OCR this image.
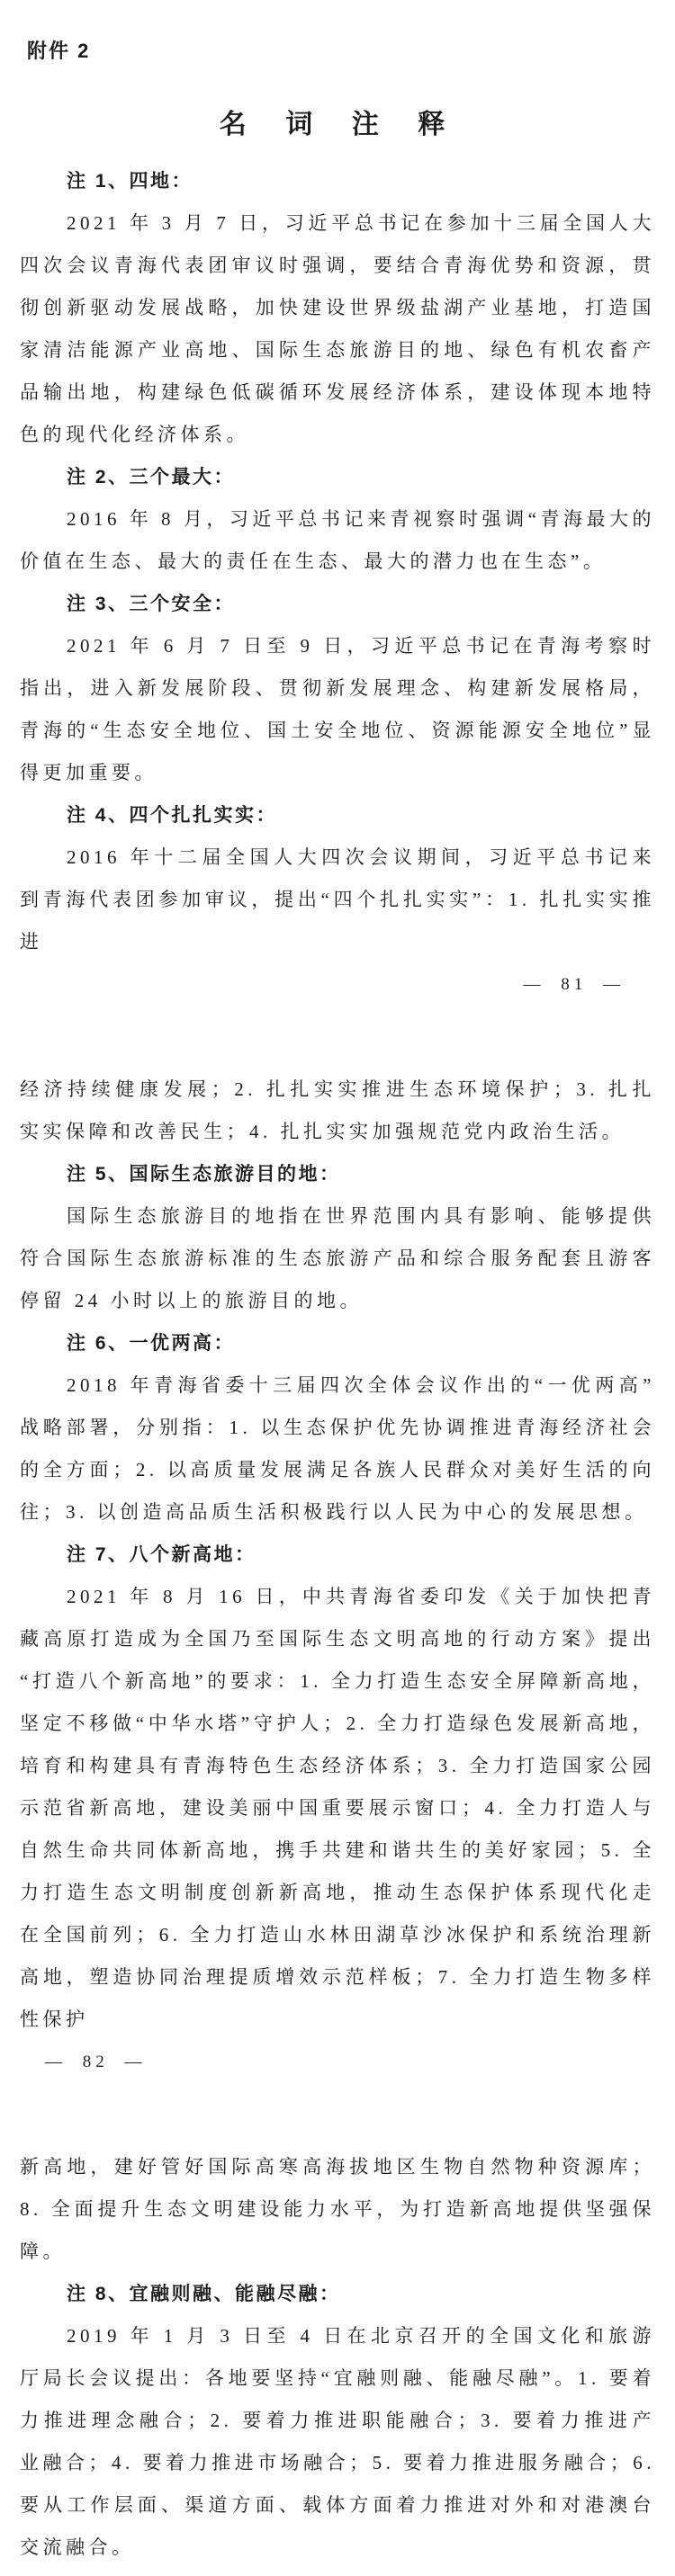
附件 2
名 词 注 释
注 1、四地：

2021 年 3 月 7 日，习近平总书记在参加十三届全国人大四次会议青海代表团审议时强调，要结合青海优势和资源，贯彻创新驱动发展战略，加快建设世界级盐湖产业基地，打造国家清洁能源产业高地、国际生态旅游目的地、绿色有机农畜产品输出地，构建绿色低碳循环发展经济体系，建设体现本地特色的现代化经济体系。

注 2、三个最大：

2016 年 8 月，习近平总书记来青视察时强调“青海最大的价值在生态、最大的责任在生态、最大的潜力也在生态”。

注 3、三个安全：

2021 年 6 月 7 日至 9 日，习近平总书记在青海考察时指出，进入新发展阶段、贯彻新发展理念、构建新发展格局，青海的“生态安全地位、国土安全地位、资源能源安全地位”显得更加重要。

注 4、四个扎扎实实：

2016 年十二届全国人大四次会议期间，习近平总书记来到青海代表团参加审议，提出“四个扎扎实实”：1. 扎扎实实推进

— 81 —

经济持续健康发展；2. 扎扎实实推进生态环境保护；3. 扎扎实实保障和改善民生；4. 扎扎实实加强规范党内政治生活。

注 5、国际生态旅游目的地：

国际生态旅游目的地指在世界范围内具有影响、能够提供符合国际生态旅游标准的生态旅游产品和综合服务配套且游客停留 24 小时以上的旅游目的地。

注 6、一优两高：

2018 年青海省委十三届四次全体会议作出的“一优两高”战略部署，分别指：1. 以生态保护优先协调推进青海经济社会的全方面；2. 以高质量发展满足各族人民群众对美好生活的向往；3. 以创造高品质生活积极践行以人民为中心的发展思想。

注 7、八个新高地：

2021 年 8 月 16 日，中共青海省委印发《关于加快把青藏高原打造成为全国乃至国际生态文明高地的行动方案》提出“打造八个新高地”的要求：1. 全力打造生态安全屏障新高地，坚定不移做“中华水塔”守护人；2. 全力打造绿色发展新高地，培育和构建具有青海特色生态经济体系；3. 全力打造国家公园示范省新高地，建设美丽中国重要展示窗口；4. 全力打造人与自然生命共同体新高地，携手共建和谐共生的美好家园；5. 全力打造生态文明制度创新新高地，推动生态保护体系现代化走在全国前列；6. 全力打造山水林田湖草沙冰保护和系统治理新高地，塑造协同治理提质增效示范样板；7. 全力打造生物多样性保护

— 82 —

新高地，建好管好国际高寒高海拔地区生物自然物种资源库；8. 全面提升生态文明建设能力水平，为打造新高地提供坚强保障。

注 8、宜融则融、能融尽融：

2019 年 1 月 3 日至 4 日在北京召开的全国文化和旅游厅局长会议提出：各地要坚持“宜融则融、能融尽融”。1. 要着力推进理念融合；2. 要着力推进职能融合；3. 要着力推进产业融合；4. 要着力推进市场融合；5. 要着力推进服务融合；6. 要从工作层面、渠道方面、载体方面着力推进对外和对港澳台交流融合。
